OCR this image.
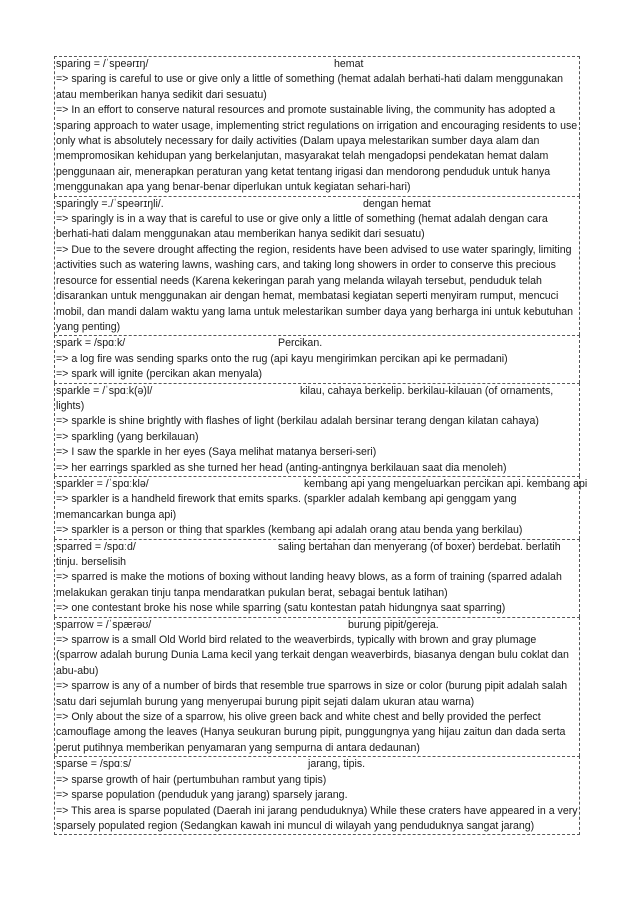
sparing = /ˈspeərɪŋ/	hemat
=> sparing is careful to use or give only a little of something (hemat adalah berhati-hati dalam menggunakan atau memberikan hanya sedikit dari sesuatu)
=> In an effort to conserve natural resources and promote sustainable living, the community has adopted a sparing approach to water usage, implementing strict regulations on irrigation and encouraging residents to use only what is absolutely necessary for daily activities (Dalam upaya melestarikan sumber daya alam dan mempromosikan kehidupan yang berkelanjutan, masyarakat telah mengadopsi pendekatan hemat dalam penggunaan air, menerapkan peraturan yang ketat tentang irigasi dan mendorong penduduk untuk hanya menggunakan apa yang benar-benar diperlukan untuk kegiatan sehari-hari)
sparingly =./ˈspeərɪŋli/.	dengan hemat
=> sparingly is in a way that is careful to use or give only a little of something (hemat adalah dengan cara berhati-hati dalam menggunakan atau memberikan hanya sedikit dari sesuatu)
=> Due to the severe drought affecting the region, residents have been advised to use water sparingly, limiting activities such as watering lawns, washing cars, and taking long showers in order to conserve this precious resource for essential needs (Karena kekeringan parah yang melanda wilayah tersebut, penduduk telah disarankan untuk menggunakan air dengan hemat, membatasi kegiatan seperti menyiram rumput, mencuci mobil, dan mandi dalam waktu yang lama untuk melestarikan sumber daya yang berharga ini untuk kebutuhan yang penting)
spark = /spɑːk/	Percikan.
=> a log fire was sending sparks onto the rug (api kayu mengirimkan percikan api ke permadani)
=> spark will ignite (percikan akan menyala)
sparkle = /ˈspɑːk(ə)l/	kilau, cahaya berkelip. berkilau-kilauan (of ornaments,
lights)
=> sparkle is shine brightly with flashes of light (berkilau adalah bersinar terang dengan kilatan cahaya)
=> sparkling (yang berkilauan)
=> I saw the sparkle in her eyes (Saya melihat matanya berseri-seri)
=> her earrings sparkled as she turned her head (anting-antingnya berkilauan saat dia menoleh)
sparkler = /ˈspɑːklə/	kembang api yang mengeluarkan percikan api. kembang api
=> sparkler is a handheld firework that emits sparks. (sparkler adalah kembang api genggam yang memancarkan bunga api)
=> sparkler is a person or thing that sparkles (kembang api adalah orang atau benda yang berkilau)
sparred = /spɑːd/	saling bertahan dan menyerang (of boxer) berdebat. berlatih
tinju. berselisih
=> sparred is make the motions of boxing without landing heavy blows, as a form of training (sparred adalah melakukan gerakan tinju tanpa mendaratkan pukulan berat, sebagai bentuk latihan)
=> one contestant broke his nose while sparring (satu kontestan patah hidungnya saat sparring)
sparrow = /ˈspærəʊ/	burung pipit/gereja.
=> sparrow is a small Old World bird related to the weaverbirds, typically with brown and gray plumage (sparrow adalah burung Dunia Lama kecil yang terkait dengan weaverbirds, biasanya dengan bulu coklat dan abu-abu)
=> sparrow is any of a number of birds that resemble true sparrows in size or color (burung pipit adalah salah satu dari sejumlah burung yang menyerupai burung pipit sejati dalam ukuran atau warna)
=> Only about the size of a sparrow, his olive green back and white chest and belly provided the perfect camouflage among the leaves (Hanya seukuran burung pipit, punggungnya yang hijau zaitun dan dada serta perut putihnya memberikan penyamaran yang sempurna di antara dedaunan)
sparse = /spɑːs/	jarang, tipis.
=> sparse growth of hair (pertumbuhan rambut yang tipis)
=> sparse population (penduduk yang jarang) sparsely jarang.
=> This area is sparse populated (Daerah ini jarang penduduknya) While these craters have appeared in a very sparsely populated region (Sedangkan kawah ini muncul di wilayah yang penduduknya sangat jarang)
